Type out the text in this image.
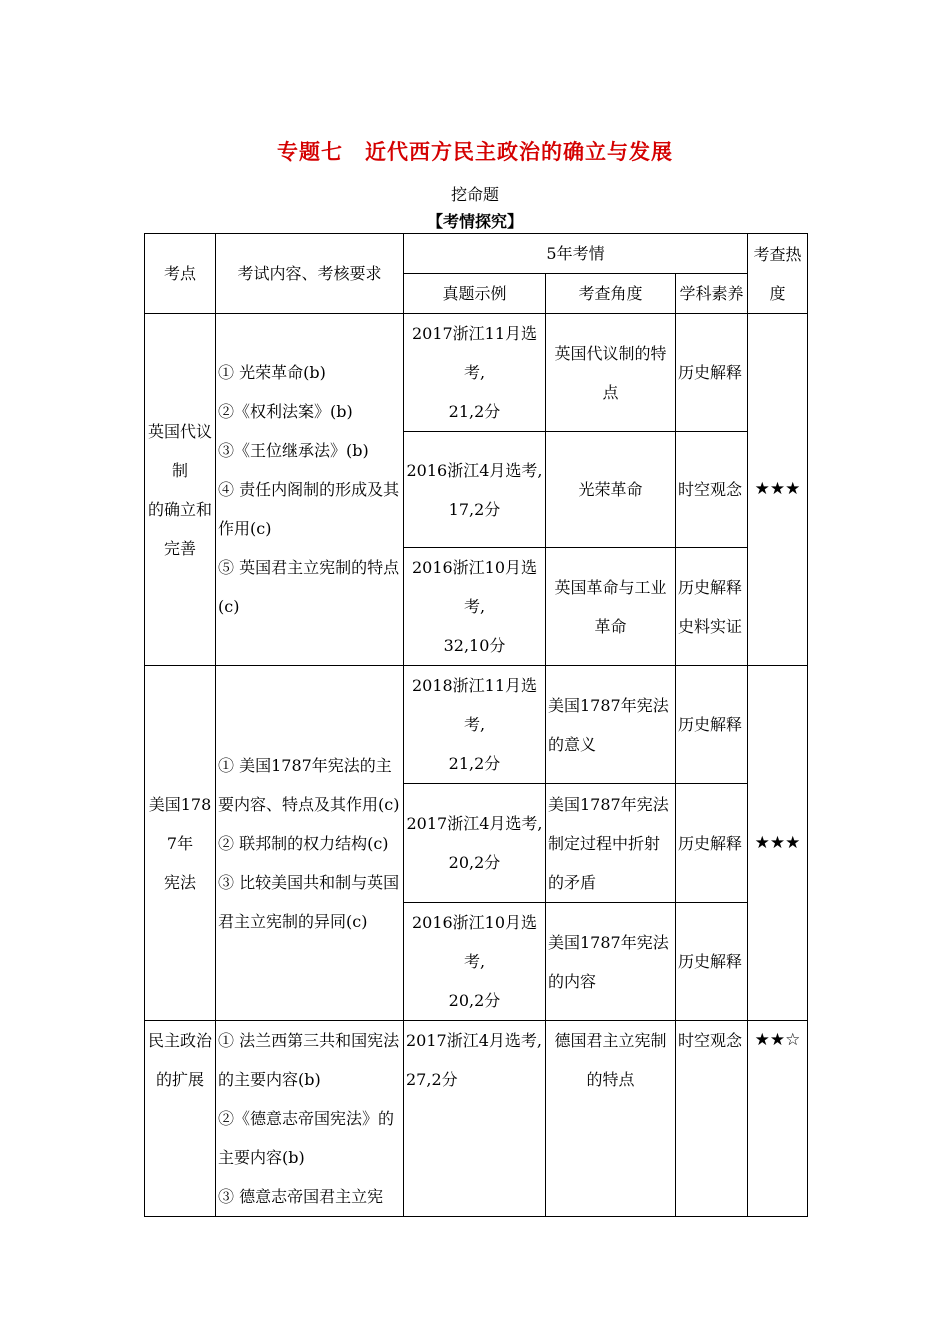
专题七　近代西方民主政治的确立与发展
挖命题
【考情探究】
考点	考试内容、考核要求	5年考情			考查热度
		真题示例	考查角度	学科素养	
英国代议制
的确立和
完善	① 光荣革命(b)
②《权利法案》(b)
③《王位继承法》(b)
④ 责任内阁制的形成及其作用(c)
⑤ 英国君主立宪制的特点(c)	2017浙江11月选考,
21,2分	英国代议制的特点	历史解释	★★★
		2016浙江4月选考,
17,2分	光荣革命	时空观念	
		2016浙江10月选考,
32,10分	英国革命与工业革命	历史解释
史料实证	
美国1787年
宪法	① 美国1787年宪法的主要内容、特点及其作用(c)
② 联邦制的权力结构(c)
③ 比较美国共和制与英国君主立宪制的异同(c)	2018浙江11月选考,
21,2分	美国1787年宪法的意义	历史解释	★★★
		2017浙江4月选考,
20,2分	美国1787年宪法制定过程中折射的矛盾	历史解释	
		2016浙江10月选考,
20,2分	美国1787年宪法的内容	历史解释	
民主政治的扩展	① 法兰西第三共和国宪法的主要内容(b)
②《德意志帝国宪法》的主要内容(b)
③ 德意志帝国君主立宪	2017浙江4月选考,
27,2分	德国君主立宪制的特点	时空观念	★★☆
